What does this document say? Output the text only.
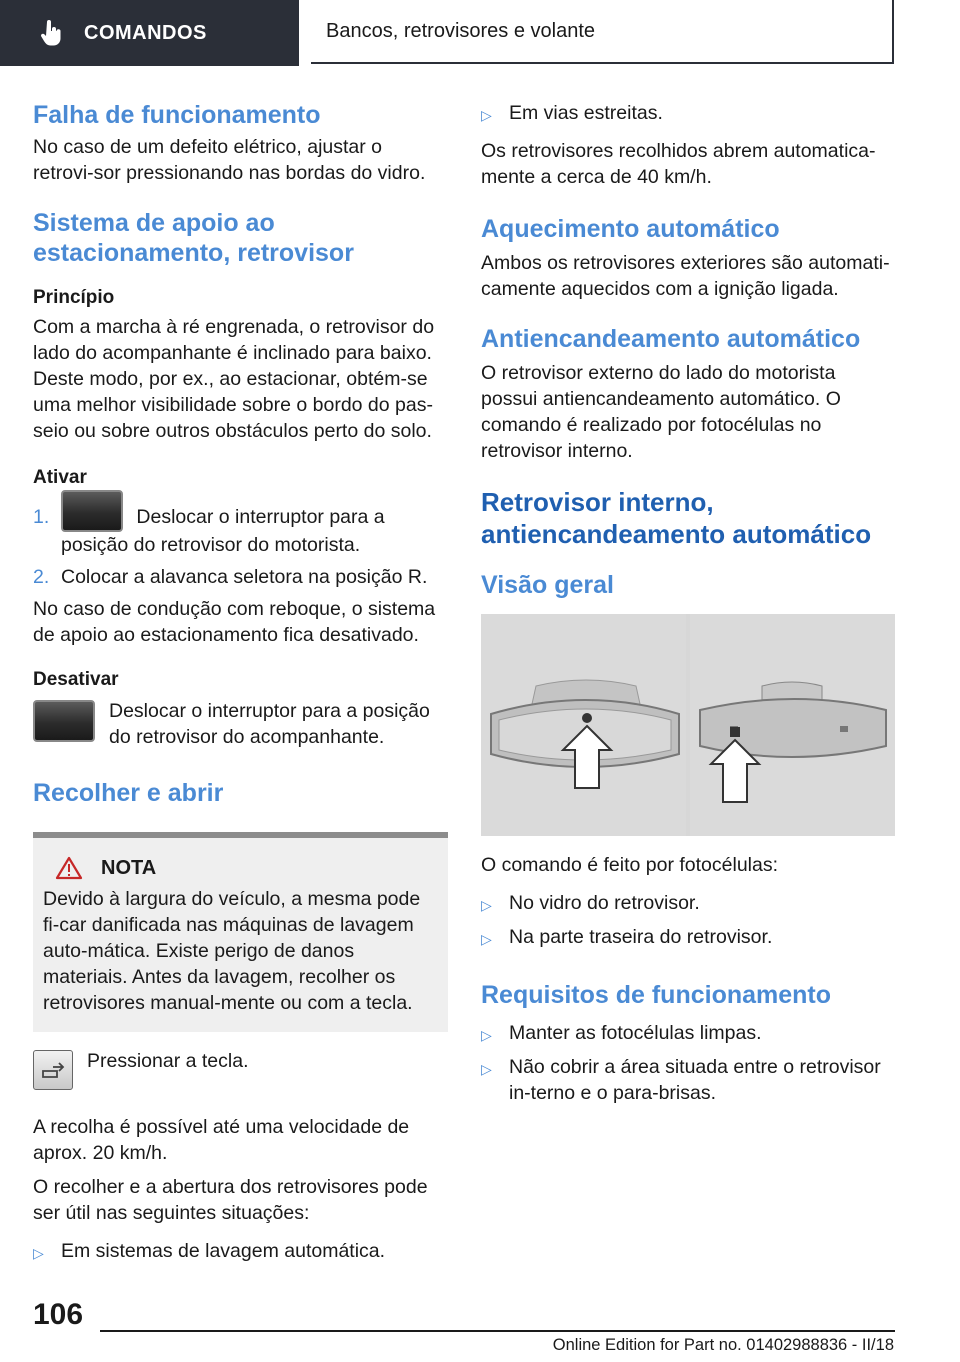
COMANDOS	Bancos, retrovisores e volante
Falha de funcionamento

No caso de um defeito elétrico, ajustar o retrovi-sor pressionando nas bordas do vidro.

Sistema de apoio ao
estacionamento, retrovisor
Princípio

Com a marcha à ré engrenada, o retrovisor do lado do acompanhante é inclinado para baixo. Deste modo, por ex., ao estacionar, obtém-se uma melhor visibilidade sobre o bordo do pas-seio ou sobre outros obstáculos perto do solo.

Ativar
1.	Deslocar o interruptor para a posição do retrovisor do motorista.
2. Colocar a alavanca seletora na posição R.

No caso de condução com reboque, o sistema de apoio ao estacionamento fica desativado.

Desativar

Deslocar o interruptor para a posição do retrovisor do acompanhante.

Recolher e abrir
NOTA

Devido à largura do veículo, a mesma pode fi-car danificada nas máquinas de lavagem auto-mática. Existe perigo de danos materiais. Antes da lavagem, recolher os retrovisores manual-mente ou com a tecla.

Pressionar a tecla.

A recolha é possível até uma velocidade de aprox. 20 km/h.

O recolher e a abertura dos retrovisores pode ser útil nas seguintes situações:

▷ Em sistemas de lavagem automática.
▷ Em vias estreitas.

Os retrovisores recolhidos abrem automatica-mente a cerca de 40 km/h.

Aquecimento automático

Ambos os retrovisores exteriores são automati-camente aquecidos com a ignição ligada.

Antiencandeamento automático

O retrovisor externo do lado do motorista possui antiencandeamento automático. O comando é realizado por fotocélulas no retrovisor interno.

Retrovisor interno,
antiencandeamento automático
Visão geral

O comando é feito por fotocélulas:

▷ No vidro do retrovisor.
▷ Na parte traseira do retrovisor.
Requisitos de funcionamento
▷ Manter as fotocélulas limpas.
▷ Não cobrir a área situada entre o retrovisor in-terno e o para-brisas.
106
Online Edition for Part no. 01402988836 - II/18
